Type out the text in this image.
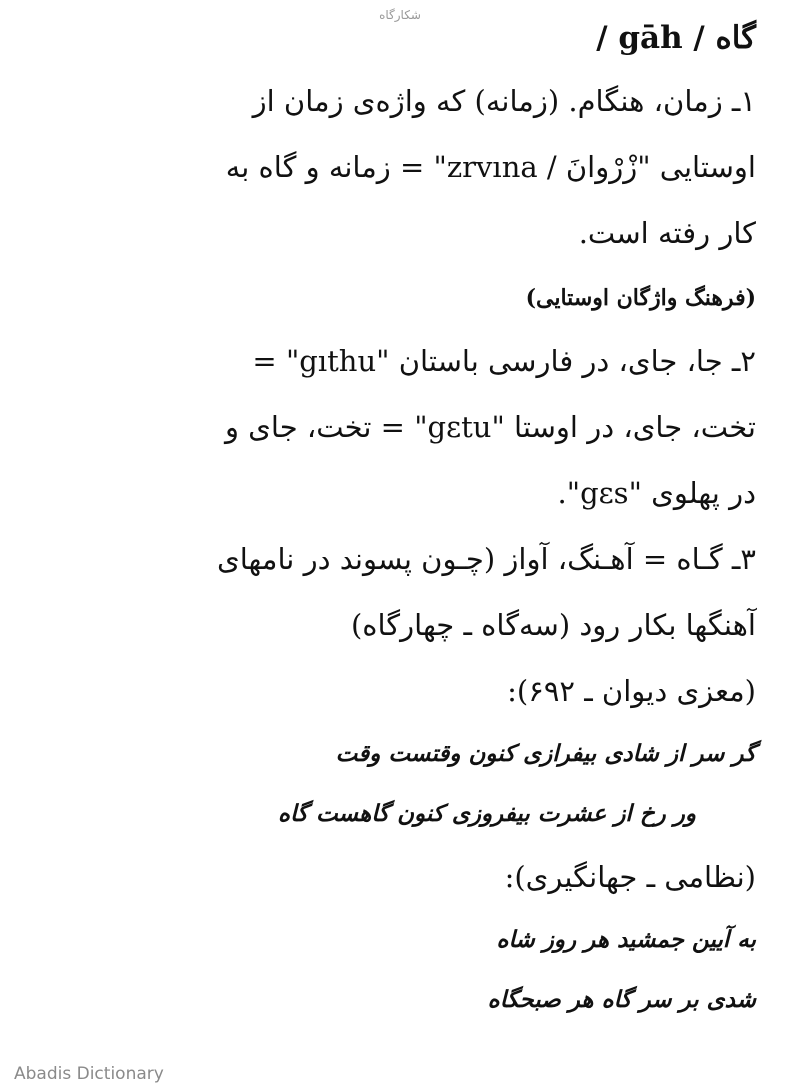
شکارگاه

گاه / gāh /

۱ـ زمان، هنگام. (زمانه) که واژه‌ی زمان از اوستایی "زْرْوانَ / zrvına" = زمانه و گاه به کار رفته است.

(فرهنگ واژگان اوستایی)

۲ـ جا، جای، در فارسی باستان "gıthu" = تخت، جای، در اوستا "gεtu" = تخت، جای و در پهلوی "gεs".

۳ـ گـاه = آهـنگ، آواز (چـون پسوند در نامهای آهنگها بکار رود (سه‌گاه ـ چهارگاه)

(معزی دیوان ـ ۶۹۲):

گر سر از شادی بیفرازی کنون وقتست وقت

ور رخ از عشرت بیفروزی کنون گاهست گاه

(نظامی ـ جهانگیری):

به آیین جمشید هر روز شاه

شدی بر سر گاه هر صبحگاه

Abadis Dictionary
